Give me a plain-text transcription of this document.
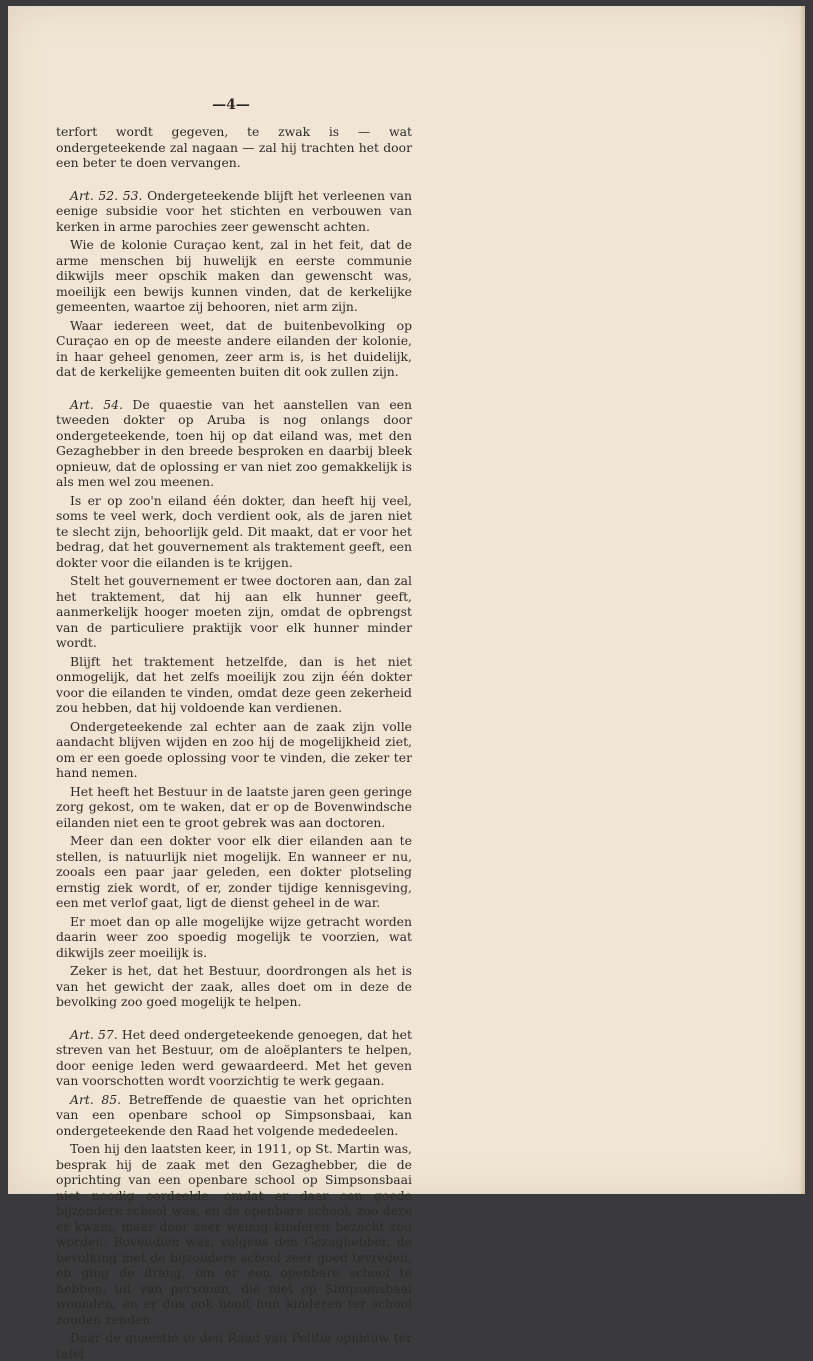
—4—

terfort wordt gegeven, te zwak is — wat ondergeteekende zal nagaan — zal hij trachten het door een beter te doen vervangen.

Art. 52. 53. Ondergeteekende blijft het verleenen van eenige subsidie voor het stichten en verbouwen van kerken in arme parochies zeer gewenscht achten.

Wie de kolonie Curaçao kent, zal in het feit, dat de arme menschen bij huwelijk en eerste communie dikwijls meer opschik maken dan gewenscht was, moeilijk een bewijs kunnen vinden, dat de kerkelijke gemeenten, waartoe zij behooren, niet arm zijn.

Waar iedereen weet, dat de buitenbevolking op Curaçao en op de meeste andere eilanden der kolonie, in haar geheel genomen, zeer arm is, is het duidelijk, dat de kerkelijke gemeenten buiten dit ook zullen zijn.

Art. 54. De quaestie van het aanstellen van een tweeden dokter op Aruba is nog onlangs door ondergeteekende, toen hij op dat eiland was, met den Gezaghebber in den breede besproken en daarbij bleek opnieuw, dat de oplossing er van niet zoo gemakkelijk is als men wel zou meenen.

Is er op zoo'n eiland één dokter, dan heeft hij veel, soms te veel werk, doch verdient ook, als de jaren niet te slecht zijn, behoorlijk geld. Dit maakt, dat er voor het bedrag, dat het gouvernement als traktement geeft, een dokter voor die eilanden is te krijgen.

Stelt het gouvernement er twee doctoren aan, dan zal het traktement, dat hij aan elk hunner geeft, aanmerkelijk hooger moeten zijn, omdat de opbrengst van de particuliere praktijk voor elk hunner minder wordt.

Blijft het traktement hetzelfde, dan is het niet onmogelijk, dat het zelfs moeilijk zou zijn één dokter voor die eilanden te vinden, omdat deze geen zekerheid zou hebben, dat hij voldoende kan verdienen.

Ondergeteekende zal echter aan de zaak zijn volle aandacht blijven wijden en zoo hij de mogelijkheid ziet, om er een goede oplossing voor te vinden, die zeker ter hand nemen.

Het heeft het Bestuur in de laatste jaren geen geringe zorg gekost, om te waken, dat er op de Bovenwindsche eilanden niet een te groot gebrek was aan doctoren.

Meer dan een dokter voor elk dier eilanden aan te stellen, is natuurlijk niet mogelijk. En wanneer er nu, zooals een paar jaar geleden, een dokter plotseling ernstig ziek wordt, of er, zonder tijdige kennisgeving, een met verlof gaat, ligt de dienst geheel in de war.

Er moet dan op alle mogelijke wijze getracht worden daarin weer zoo spoedig mogelijk te voorzien, wat dikwijls zeer moeilijk is.

Zeker is het, dat het Bestuur, doordrongen als het is van het gewicht der zaak, alles doet om in deze de bevolking zoo goed mogelijk te helpen.

Art. 57. Het deed ondergeteekende genoegen, dat het streven van het Bestuur, om de aloëplanters te helpen, door eenige leden werd gewaardeerd. Met het geven van voorschotten wordt voorzichtig te werk gegaan.

Art. 85. Betreffende de quaestie van het oprichten van een openbare school op Simpsonsbaai, kan ondergeteekende den Raad het volgende mededeelen.

Toen hij den laatsten keer, in 1911, op St. Martin was, besprak hij de zaak met den Gezaghebber, die de oprichting van een openbare school op Simpsonsbaai niet noodig oordeelde, omdat er daar een goede bijzondere school was, en de openbare school, zoo deze er kwam, maar door zeer weinig kinderen bezocht zou worden. Bovendien was, volgens den Gezaghebber, de bevolking met de bijzondere school zeer goed tevreden, en ging de drang, om er een openbare school te hebben, uit van personen, die niet op Simpsonsbaai woonden, en er dus ook nooit hun kinderen ter school zouden zenden.

Daar de quaestie in den Raad van Politie opnieuw ter tafel
